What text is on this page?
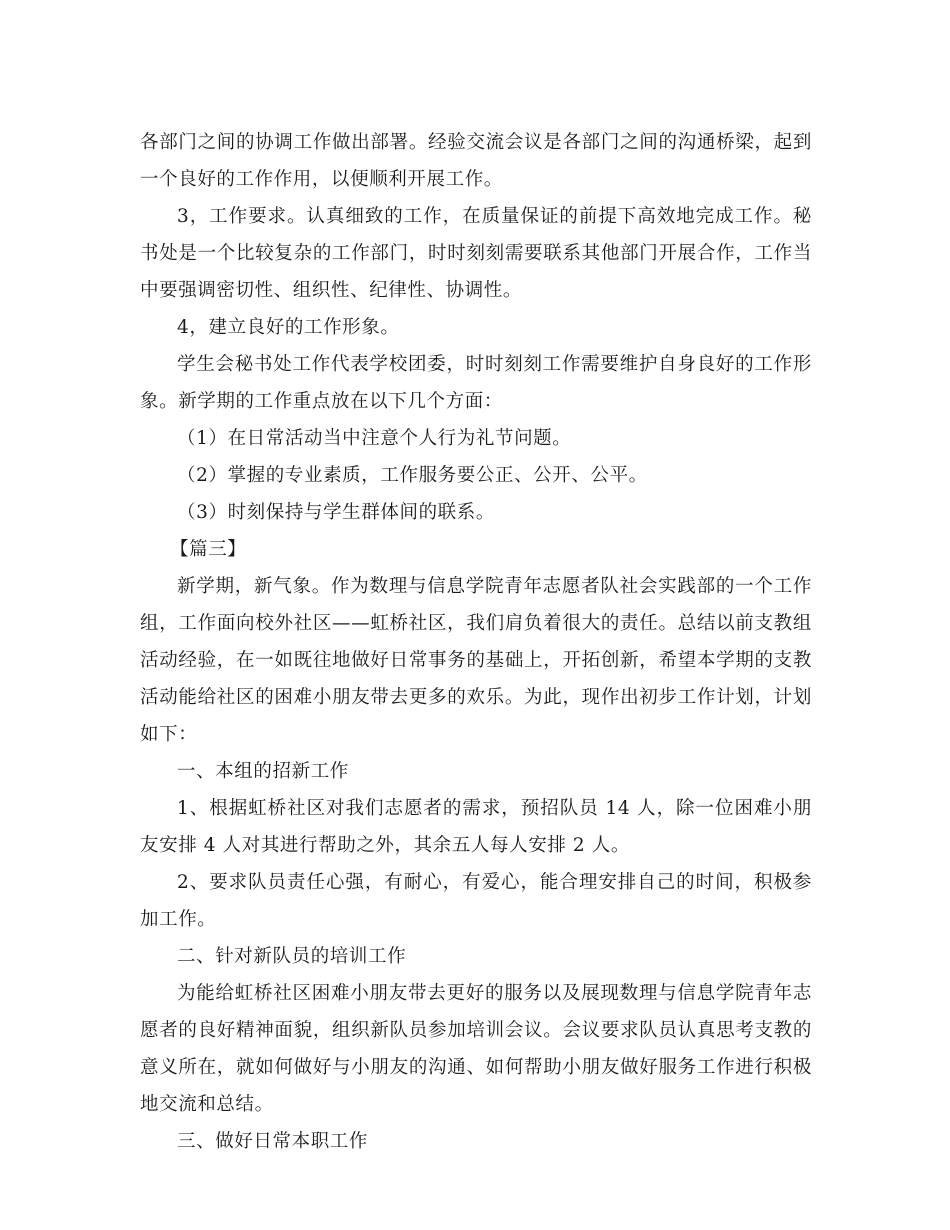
各部门之间的协调工作做出部署。经验交流会议是各部门之间的沟通桥梁，起到一个良好的工作作用，以便顺利开展工作。

3，工作要求。认真细致的工作，在质量保证的前提下高效地完成工作。秘书处是一个比较复杂的工作部门，时时刻刻需要联系其他部门开展合作，工作当中要强调密切性、组织性、纪律性、协调性。

4，建立良好的工作形象。

学生会秘书处工作代表学校团委，时时刻刻工作需要维护自身良好的工作形象。新学期的工作重点放在以下几个方面：

（1）在日常活动当中注意个人行为礼节问题。

（2）掌握的专业素质，工作服务要公正、公开、公平。

（3）时刻保持与学生群体间的联系。

【篇三】

新学期，新气象。作为数理与信息学院青年志愿者队社会实践部的一个工作组，工作面向校外社区——虹桥社区，我们肩负着很大的责任。总结以前支教组活动经验，在一如既往地做好日常事务的基础上，开拓创新，希望本学期的支教活动能给社区的困难小朋友带去更多的欢乐。为此，现作出初步工作计划，计划如下：

一、本组的招新工作

1、根据虹桥社区对我们志愿者的需求，预招队员 14 人，除一位困难小朋友安排 4 人对其进行帮助之外，其余五人每人安排 2 人。

2、要求队员责任心强，有耐心，有爱心，能合理安排自己的时间，积极参加工作。

二、针对新队员的培训工作

为能给虹桥社区困难小朋友带去更好的服务以及展现数理与信息学院青年志愿者的良好精神面貌，组织新队员参加培训会议。会议要求队员认真思考支教的意义所在，就如何做好与小朋友的沟通、如何帮助小朋友做好服务工作进行积极地交流和总结。

三、做好日常本职工作
